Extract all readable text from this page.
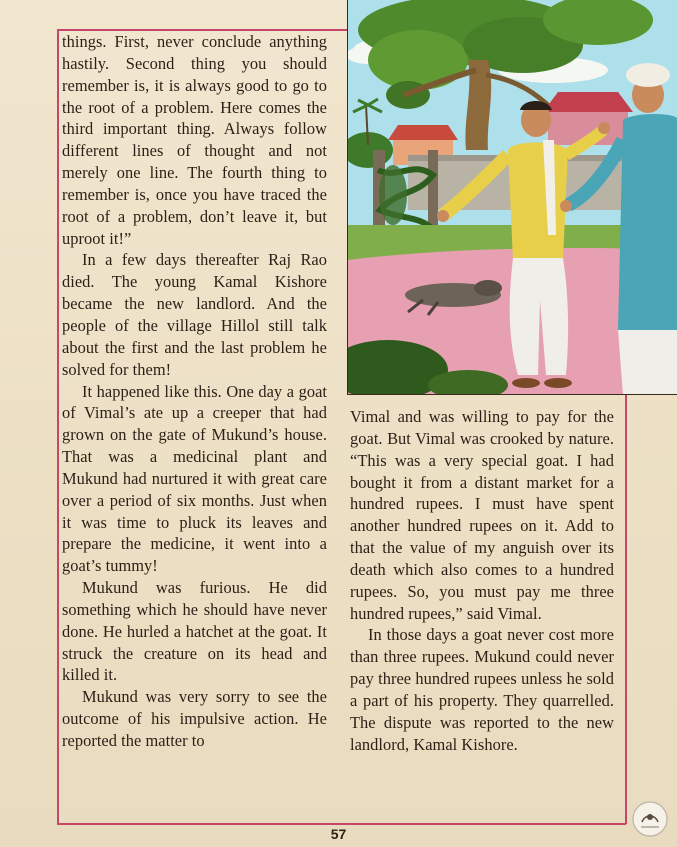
things. First, never conclude anything hastily. Second thing you should remember is, it is always good to go to the root of a problem. Here comes the third important thing. Always follow different lines of thought and not merely one line. The fourth thing to remember is, once you have traced the root of a problem, don’t leave it, but uproot it!”

In a few days thereafter Raj Rao died. The young Kamal Kishore became the new landlord. And the people of the village Hillol still talk about the first and the last problem he solved for them!

It happened like this. One day a goat of Vimal’s ate up a creeper that had grown on the gate of Mukund’s house. That was a medicinal plant and Mukund had nurtured it with great care over a period of six months. Just when it was time to pluck its leaves and prepare the medicine, it went into a goat’s tummy!

Mukund was furious. He did something which he should have never done. He hurled a hatchet at the goat. It struck the creature on its head and killed it.

Mukund was very sorry to see the outcome of his impulsive action. He reported the matter to

Vimal and was willing to pay for the goat. But Vimal was crooked by nature. “This was a very special goat. I had bought it from a distant market for a hundred rupees. I must have spent another hundred rupees on it. Add to that the value of my anguish over its death which also comes to a hundred rupees. So, you must pay me three hundred rupees,” said Vimal.

In those days a goat never cost more than three rupees. Mukund could never pay three hundred rupees unless he sold a part of his property. They quarrelled. The dispute was reported to the new landlord, Kamal Kishore.

57
